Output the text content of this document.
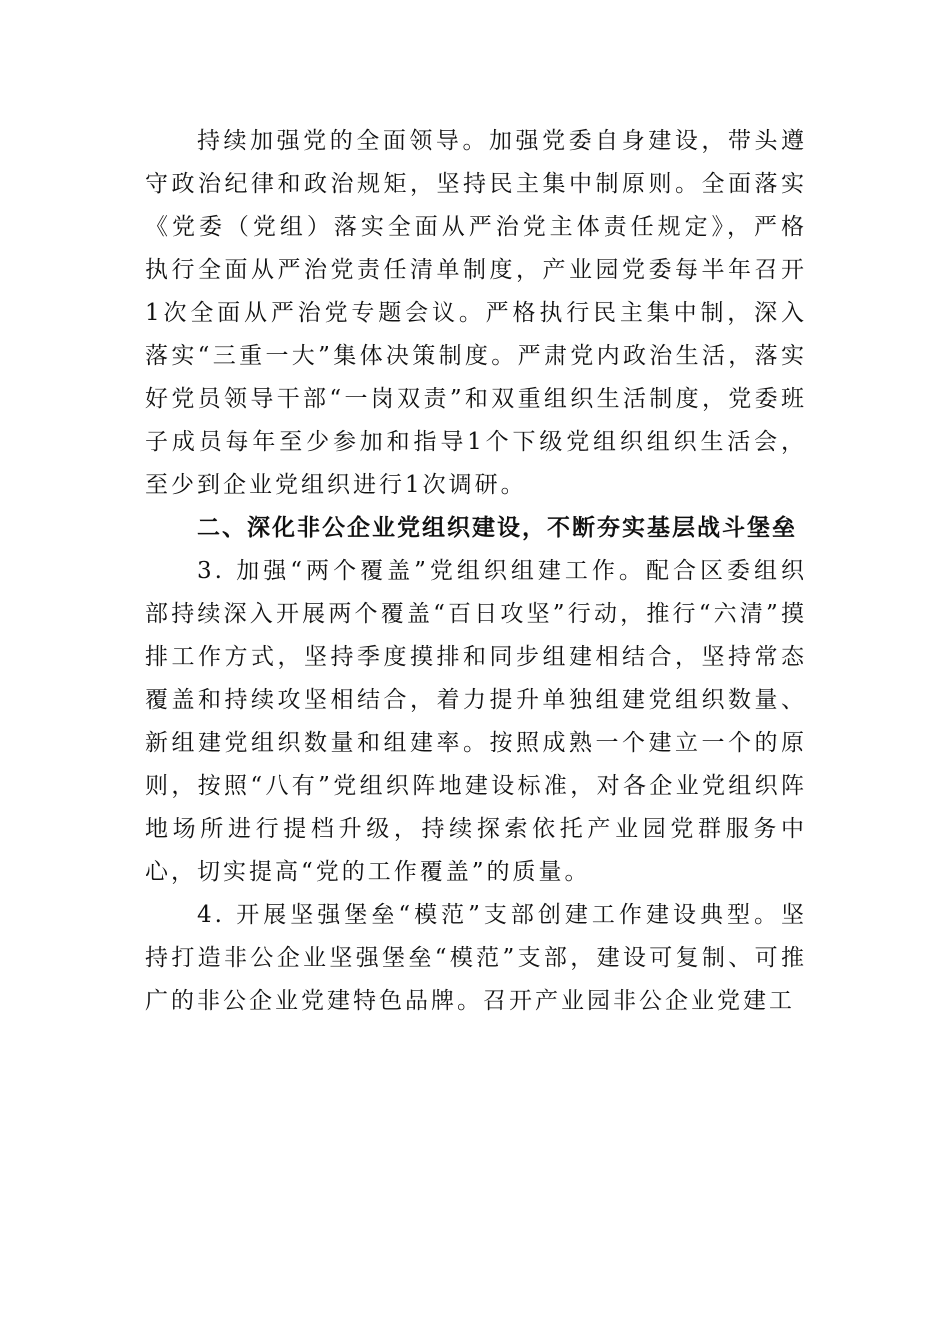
持续加强党的全面领导。加强党委自身建设，带头遵守政治纪律和政治规矩，坚持民主集中制原则。全面落实《党委（党组）落实全面从严治党主体责任规定》，严格执行全面从严治党责任清单制度，产业园党委每半年召开1次全面从严治党专题会议。严格执行民主集中制，深入落实“三重一大”集体决策制度。严肃党内政治生活，落实好党员领导干部“一岗双责”和双重组织生活制度，党委班子成员每年至少参加和指导1个下级党组织组织生活会，至少到企业党组织进行1次调研。

二、深化非公企业党组织建设，不断夯实基层战斗堡垒

3. 加强“两个覆盖”党组织组建工作。配合区委组织部持续深入开展两个覆盖“百日攻坚”行动，推行“六清”摸排工作方式，坚持季度摸排和同步组建相结合，坚持常态覆盖和持续攻坚相结合，着力提升单独组建党组织数量、新组建党组织数量和组建率。按照成熟一个建立一个的原则，按照“八有”党组织阵地建设标准，对各企业党组织阵地场所进行提档升级，持续探索依托产业园党群服务中心，切实提高“党的工作覆盖”的质量。

4. 开展坚强堡垒“模范”支部创建工作建设典型。坚持打造非公企业坚强堡垒“模范”支部，建设可复制、可推广的非公企业党建特色品牌。召开产业园非公企业党建工
